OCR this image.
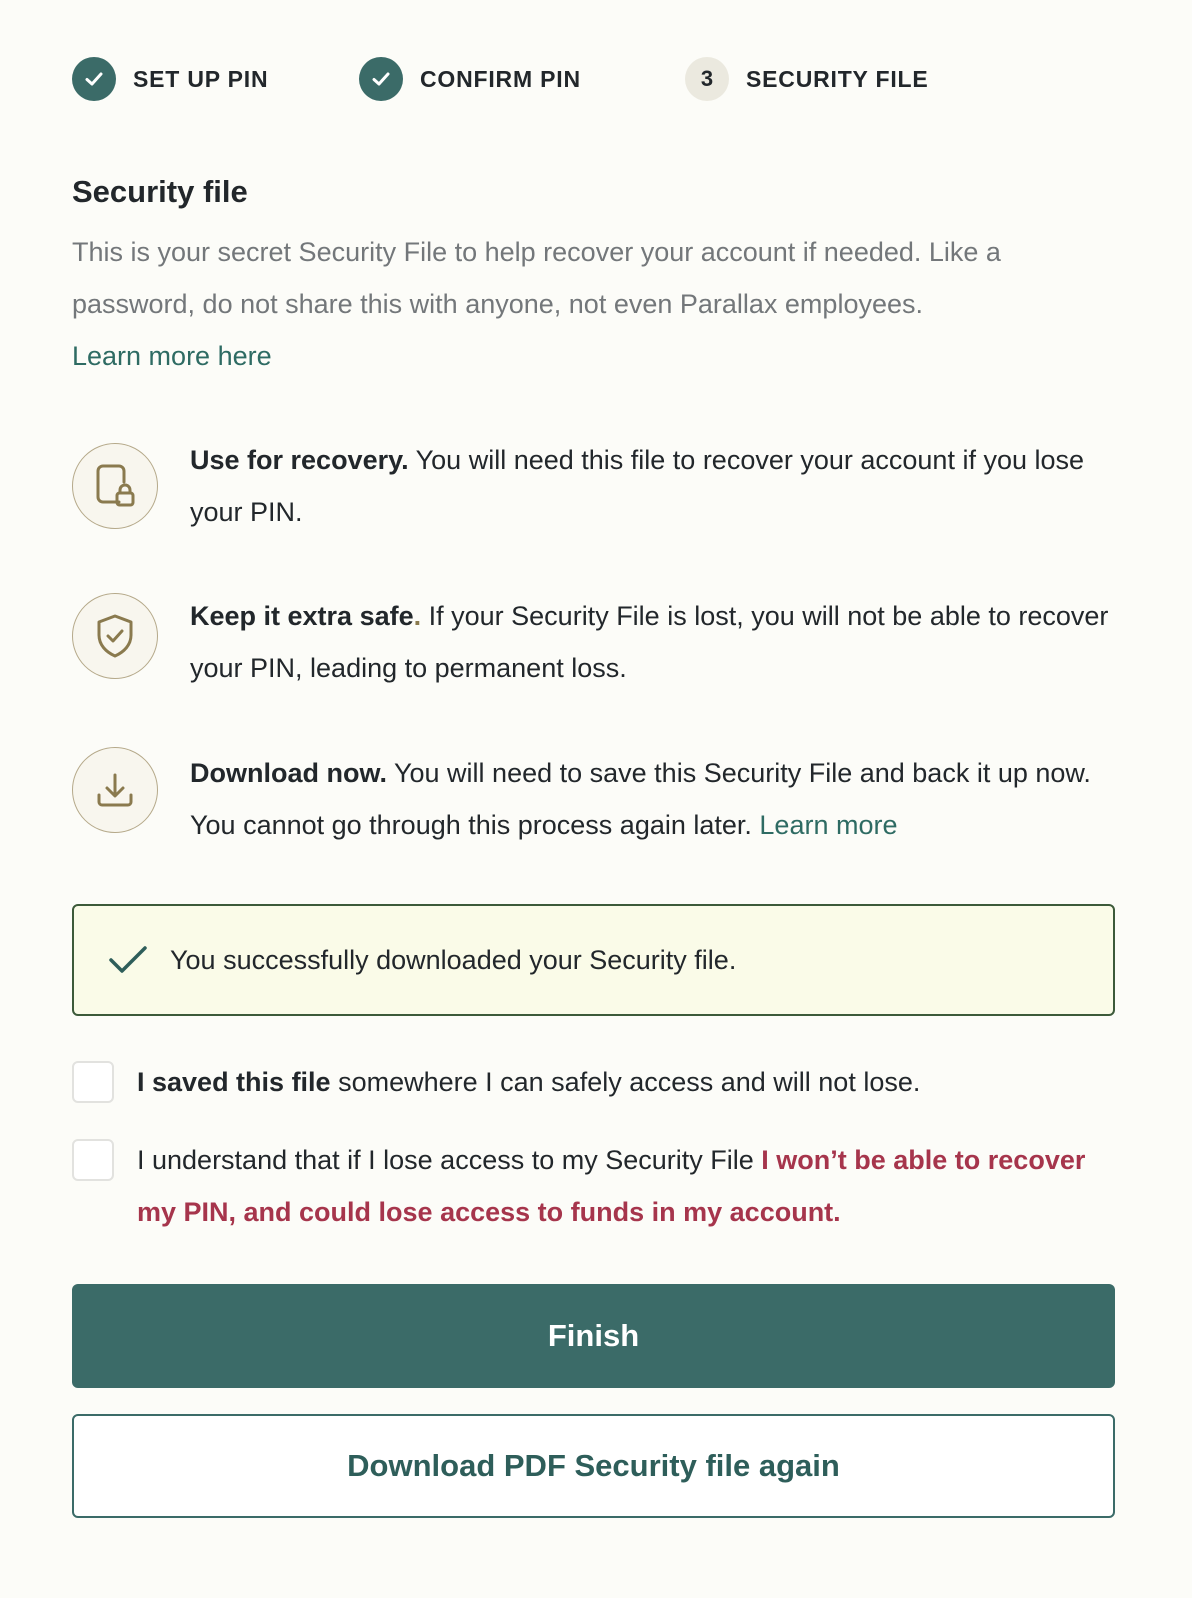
SET UP PIN	CONFIRM PIN	3	SECURITY FILE
Security file

This is your secret Security File to help recover your account if needed. Like a password, do not share this with anyone, not even Parallax employees.
Learn more here

Use for recovery. You will need this file to recover your account if you lose your PIN.

Keep it extra safe. If your Security File is lost, you will not be able to recover your PIN, leading to permanent loss.

Download now. You will need to save this Security File and back it up now. You cannot go through this process again later. Learn more

You successfully downloaded your Security file.

I saved this file somewhere I can safely access and will not lose.

I understand that if I lose access to my Security File I won’t be able to recover my PIN, and could lose access to funds in my account.

Finish
Download PDF Security file again
